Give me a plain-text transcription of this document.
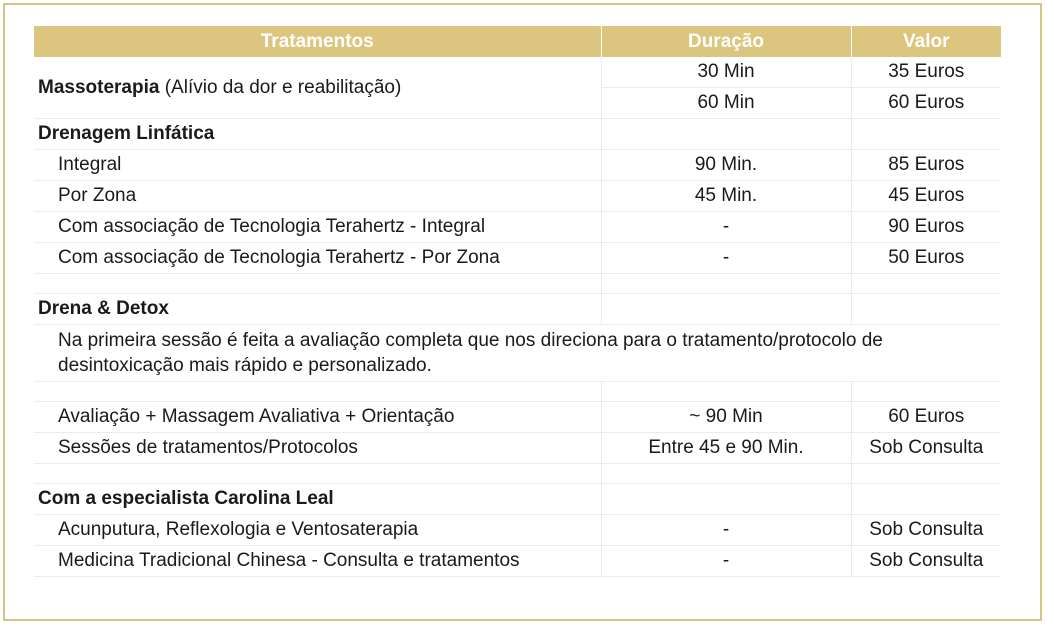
Tratamentos	Duração	Valor
Massoterapia (Alívio da dor e reabilitação)	30 Min	35 Euros
	60 Min	60 Euros
Drenagem Linfática		
Integral	90 Min.	85 Euros
Por Zona	45 Min.	45 Euros
Com associação de Tecnologia Terahertz - Integral	-	90 Euros
Com associação de Tecnologia Terahertz - Por Zona	-	50 Euros

Drena & Detox		
Na primeira sessão é feita a avaliação completa que nos direciona para o tratamento/protocolo de desintoxicação mais rápido e personalizado.		

Avaliação + Massagem Avaliativa + Orientação	~ 90 Min	60 Euros
Sessões de tratamentos/Protocolos	Entre 45 e 90 Min.	Sob Consulta

Com a especialista Carolina Leal		
Acunputura, Reflexologia e Ventosaterapia	-	Sob Consulta
Medicina Tradicional Chinesa - Consulta e tratamentos	-	Sob Consulta
